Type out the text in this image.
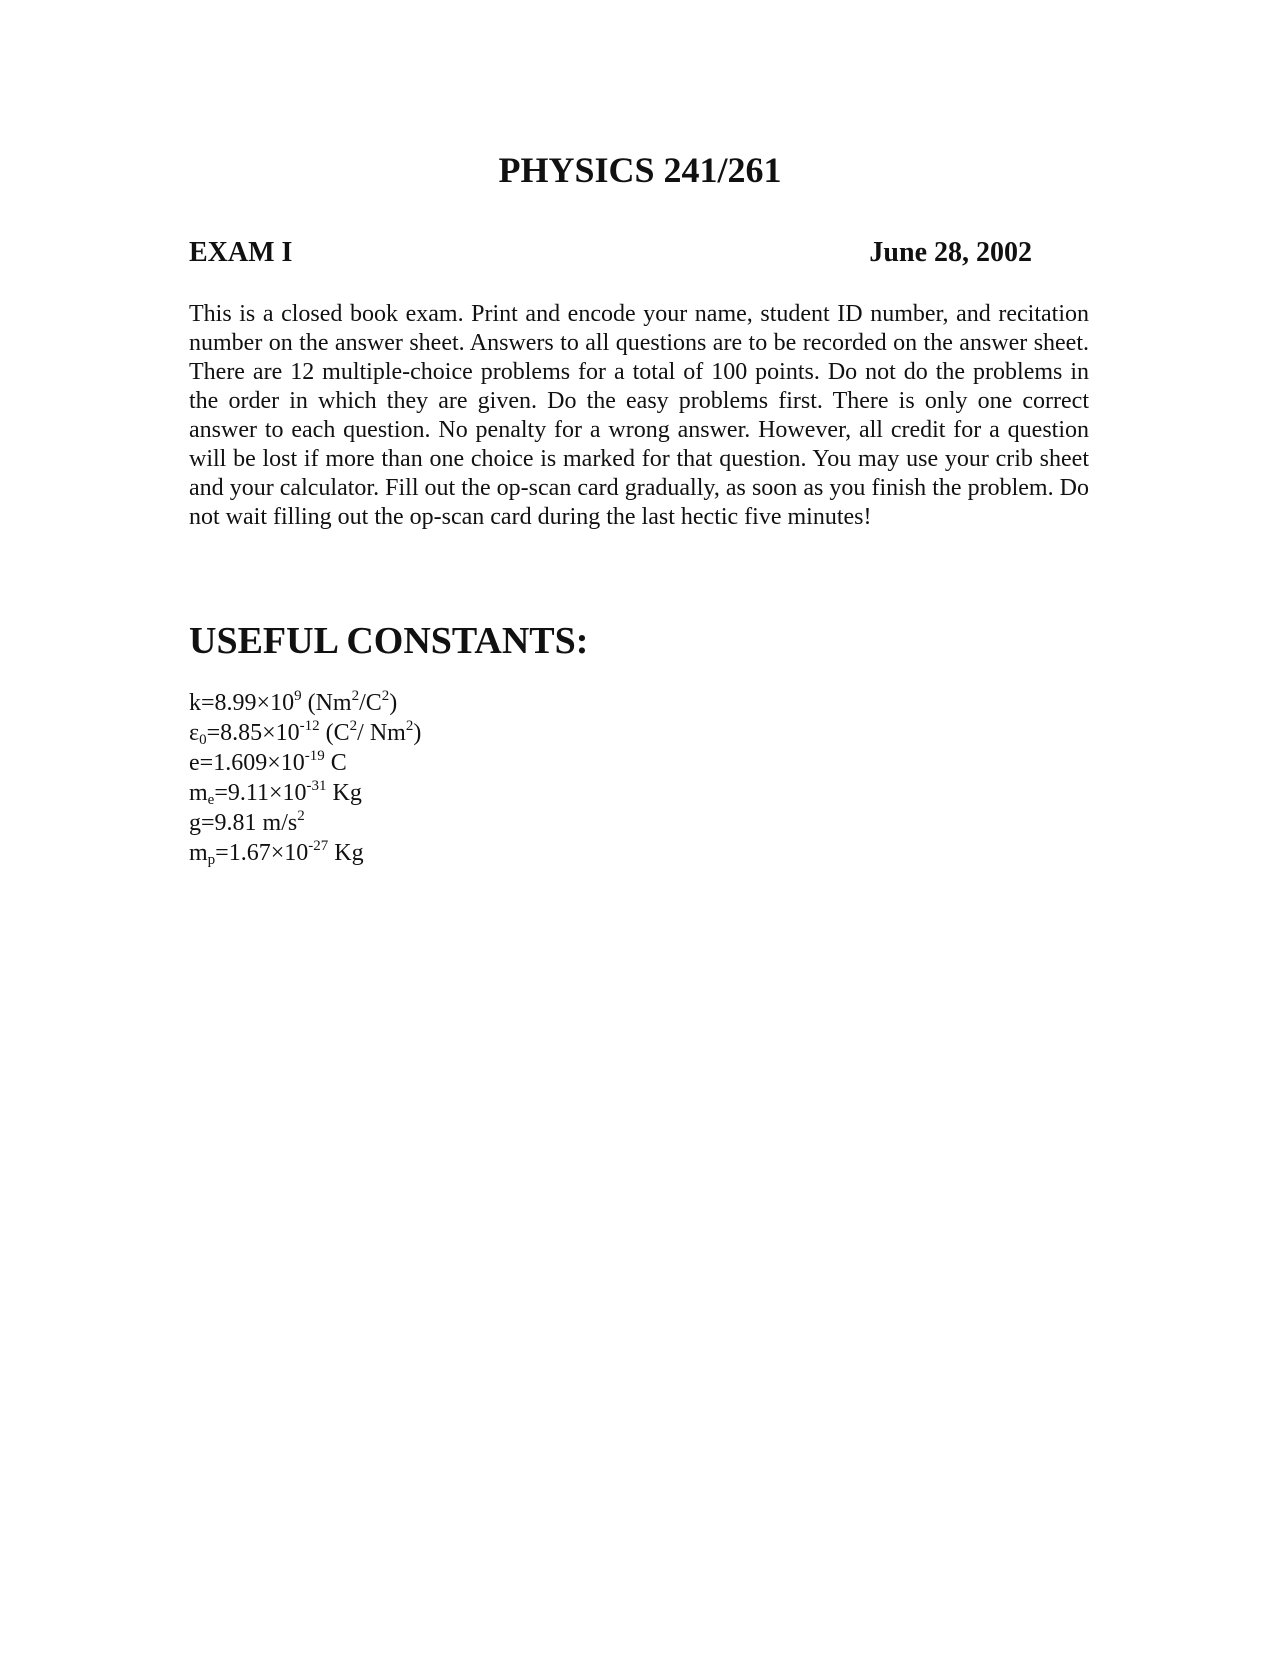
PHYSICS 241/261
EXAM I	June 28, 2002

This is a closed book exam. Print and encode your name, student ID number, and recitation number on the answer sheet. Answers to all questions are to be recorded on the answer sheet. There are 12 multiple-choice problems for a total of 100 points. Do not do the problems in the order in which they are given. Do the easy problems first. There is only one correct answer to each question. No penalty for a wrong answer. However, all credit for a question will be lost if more than one choice is marked for that question. You may use your crib sheet and your calculator. Fill out the op-scan card gradually, as soon as you finish the problem. Do not wait filling out the op-scan card during the last hectic five minutes!

USEFUL CONSTANTS:
$k=8.99\times 10^9$ $(Nm^2/C^2)$
$\varepsilon_0=8.85\times 10^{-12}$ ($C^2/$ Nm$^2$)
$e=1.609\times 10^{-19}$ C
$m_e=9.11\times 10^{-31}$ Kg
g=9.81 $m/s^2$
$m_p=1.67\times 10^{-27}$ Kg
